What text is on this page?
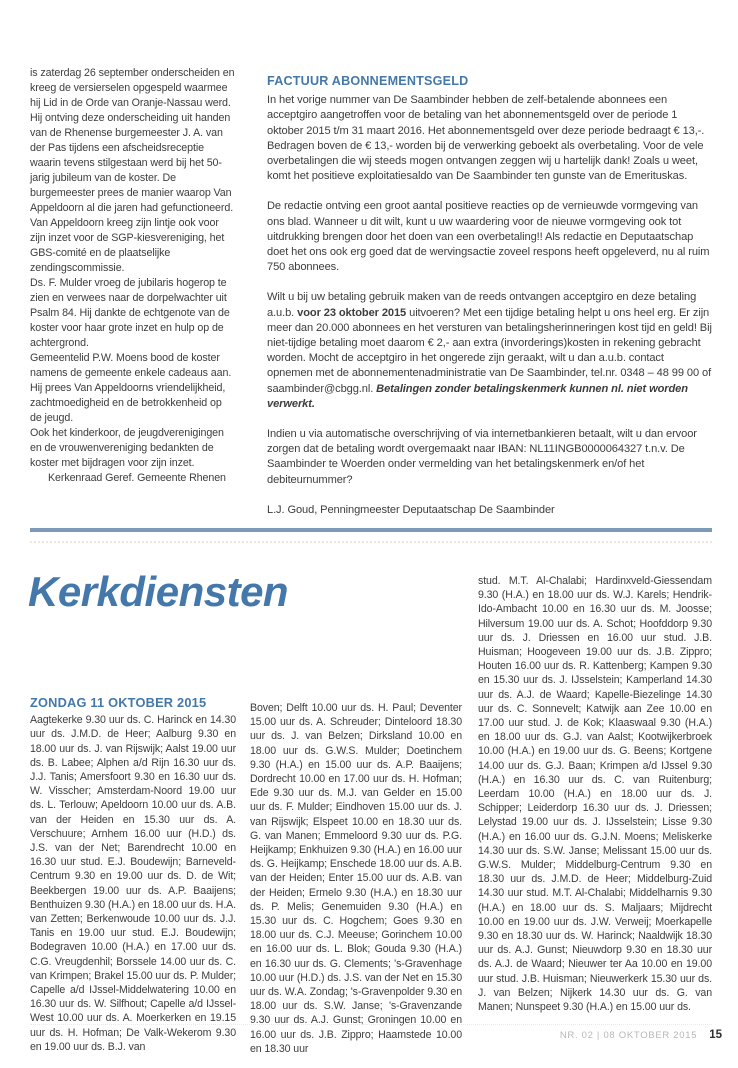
is zaterdag 26 september onderscheiden en kreeg de versierselen opgespeld waarmee hij Lid in de Orde van Oranje-Nassau werd. Hij ontving deze onderscheiding uit handen van de Rhenense burgemeester J. A. van der Pas tijdens een afscheidsreceptie waarin tevens stilgestaan werd bij het 50-jarig jubileum van de koster. De burgemeester prees de manier waarop Van Appeldoorn al die jaren had gefunctioneerd. Van Appeldoorn kreeg zijn lintje ook voor zijn inzet voor de SGP-kiesvereniging, het GBS-comité en de plaatselijke zendingscommissie.

Ds. F. Mulder vroeg de jubilaris hogerop te zien en verwees naar de dorpelwachter uit Psalm 84. Hij dankte de echtgenote van de koster voor haar grote inzet en hulp op de achtergrond.

Gemeentelid P.W. Moens bood de koster namens de gemeente enkele cadeaus aan. Hij prees Van Appeldoorns vriendelijkheid, zachtmoedigheid en de betrokkenheid op de jeugd.

Ook het kinderkoor, de jeugdverenigingen en de vrouwenvereniging bedankten de koster met bijdragen voor zijn inzet.

Kerkenraad Geref. Gemeente Rhenen

FACTUUR ABONNEMENTSGELD

In het vorige nummer van De Saambinder hebben de zelf-betalende abonnees een acceptgiro aangetroffen voor de betaling van het abonnementsgeld over de periode 1 oktober 2015 t/m 31 maart 2016. Het abonnementsgeld over deze periode bedraagt € 13,-. Bedragen boven de € 13,- worden bij de verwerking geboekt als overbetaling. Voor de vele overbetalingen die wij steeds mogen ontvangen zeggen wij u hartelijk dank! Zoals u weet, komt het positieve exploitatiesaldo van De Saambinder ten gunste van de Emerituskas.

De redactie ontving een groot aantal positieve reacties op de vernieuwde vormgeving van ons blad. Wanneer u dit wilt, kunt u uw waardering voor de nieuwe vormgeving ook tot uitdrukking brengen door het doen van een overbetaling!! Als redactie en Deputaatschap doet het ons ook erg goed dat de wervingsactie zoveel respons heeft opgeleverd, nu al ruim 750 abonnees.

Wilt u bij uw betaling gebruik maken van de reeds ontvangen acceptgiro en deze betaling a.u.b. voor 23 oktober 2015 uitvoeren? Met een tijdige betaling helpt u ons heel erg. Er zijn meer dan 20.000 abonnees en het versturen van betalingsherinneringen kost tijd en geld! Bij niet-tijdige betaling moet daarom € 2,- aan extra (invorderings)kosten in rekening gebracht worden. Mocht de acceptgiro in het ongerede zijn geraakt, wilt u dan a.u.b. contact opnemen met de abonnementenadministratie van De Saambinder, tel.nr. 0348 – 48 99 00 of saambinder@cbgg.nl. Betalingen zonder betalingskenmerk kunnen nl. niet worden verwerkt.

Indien u via automatische overschrijving of via internetbankieren betaalt, wilt u dan ervoor zorgen dat de betaling wordt overgemaakt naar IBAN: NL11INGB0000064327 t.n.v. De Saambinder te Woerden onder vermelding van het betalingskenmerk en/of het debiteurnummer?

L.J. Goud, Penningmeester Deputaatschap De Saambinder

Kerkdiensten
ZONDAG 11 OKTOBER 2015
Aagtekerke 9.30 uur ds. C. Harinck en 14.30 uur ds. J.M.D. de Heer; Aalburg 9.30 en 18.00 uur ds. J. van Rijswijk; Aalst 19.00 uur ds. B. Labee; Alphen a/d Rijn 16.30 uur ds. J.J. Tanis; Amersfoort 9.30 en 16.30 uur ds. W. Visscher; Amsterdam-Noord 19.00 uur ds. L. Terlouw; Apeldoorn 10.00 uur ds. A.B. van der Heiden en 15.30 uur ds. A. Verschuure; Arnhem 16.00 uur (H.D.) ds. J.S. van der Net; Barendrecht 10.00 en 16.30 uur stud. E.J. Boudewijn; Barneveld-Centrum 9.30 en 19.00 uur ds. D. de Wit; Beekbergen 19.00 uur ds. A.P. Baaijens; Benthuizen 9.30 (H.A.) en 18.00 uur ds. H.A. van Zetten; Berkenwoude 10.00 uur ds. J.J. Tanis en 19.00 uur stud. E.J. Boudewijn; Bodegraven 10.00 (H.A.) en 17.00 uur ds. C.G. Vreugdenhil; Borssele 14.00 uur ds. C. van Krimpen; Brakel 15.00 uur ds. P. Mulder; Capelle a/d IJssel-Middelwatering 10.00 en 16.30 uur ds. W. Silfhout; Capelle a/d IJssel-West 10.00 uur ds. A. Moerkerken en 19.15 uur ds. H. Hofman; De Valk-Wekerom 9.30 en 19.00 uur ds. B.J. van
Boven; Delft 10.00 uur ds. H. Paul; Deventer 15.00 uur ds. A. Schreuder; Dinteloord 18.30 uur ds. J. van Belzen; Dirksland 10.00 en 18.00 uur ds. G.W.S. Mulder; Doetinchem 9.30 (H.A.) en 15.00 uur ds. A.P. Baaijens; Dordrecht 10.00 en 17.00 uur ds. H. Hofman; Ede 9.30 uur ds. M.J. van Gelder en 15.00 uur ds. F. Mulder; Eindhoven 15.00 uur ds. J. van Rijswijk; Elspeet 10.00 en 18.30 uur ds. G. van Manen; Emmeloord 9.30 uur ds. P.G. Heijkamp; Enkhuizen 9.30 (H.A.) en 16.00 uur ds. G. Heijkamp; Enschede 18.00 uur ds. A.B. van der Heiden; Enter 15.00 uur ds. A.B. van der Heiden; Ermelo 9.30 (H.A.) en 18.30 uur ds. P. Melis; Genemuiden 9.30 (H.A.) en 15.30 uur ds. C. Hogchem; Goes 9.30 en 18.00 uur ds. C.J. Meeuse; Gorinchem 10.00 en 16.00 uur ds. L. Blok; Gouda 9.30 (H.A.) en 16.30 uur ds. G. Clements; 's-Gravenhage 10.00 uur (H.D.) ds. J.S. van der Net en 15.30 uur ds. W.A. Zondag; 's-Gravenpolder 9.30 en 18.00 uur ds. S.W. Janse; 's-Gravenzande 9.30 uur ds. A.J. Gunst; Groningen 10.00 en 16.00 uur ds. J.B. Zippro; Haamstede 10.00 en 18.30 uur
stud. M.T. Al-Chalabi; Hardinxveld-Giessendam 9.30 (H.A.) en 18.00 uur ds. W.J. Karels; Hendrik-Ido-Ambacht 10.00 en 16.30 uur ds. M. Joosse; Hilversum 19.00 uur ds. A. Schot; Hoofddorp 9.30 uur ds. J. Driessen en 16.00 uur stud. J.B. Huisman; Hoogeveen 19.00 uur ds. J.B. Zippro; Houten 16.00 uur ds. R. Kattenberg; Kampen 9.30 en 15.30 uur ds. J. IJsselstein; Kamperland 14.30 uur ds. A.J. de Waard; Kapelle-Biezelinge 14.30 uur ds. C. Sonnevelt; Katwijk aan Zee 10.00 en 17.00 uur stud. J. de Kok; Klaaswaal 9.30 (H.A.) en 18.00 uur ds. G.J. van Aalst; Kootwijkerbroek 10.00 (H.A.) en 19.00 uur ds. G. Beens; Kortgene 14.00 uur ds. G.J. Baan; Krimpen a/d IJssel 9.30 (H.A.) en 16.30 uur ds. C. van Ruitenburg; Leerdam 10.00 (H.A.) en 18.00 uur ds. J. Schipper; Leiderdorp 16.30 uur ds. J. Driessen; Lelystad 19.00 uur ds. J. IJsselstein; Lisse 9.30 (H.A.) en 16.00 uur ds. G.J.N. Moens; Meliskerke 14.30 uur ds. S.W. Janse; Melissant 15.00 uur ds. G.W.S. Mulder; Middelburg-Centrum 9.30 en 18.30 uur ds. J.M.D. de Heer; Middelburg-Zuid 14.30 uur stud. M.T. Al-Chalabi; Middelharnis 9.30 (H.A.) en 18.00 uur ds. S. Maljaars; Mijdrecht 10.00 en 19.00 uur ds. J.W. Verweij; Moerkapelle 9.30 en 18.30 uur ds. W. Harinck; Naaldwijk 18.30 uur ds. A.J. Gunst; Nieuwdorp 9.30 en 18.30 uur ds. A.J. de Waard; Nieuwer ter Aa 10.00 en 19.00 uur stud. J.B. Huisman; Nieuwerkerk 15.30 uur ds. J. van Belzen; Nijkerk 14.30 uur ds. G. van Manen; Nunspeet 9.30 (H.A.) en 15.00 uur ds.
NR. 02 | 08 OKTOBER 2015 15
